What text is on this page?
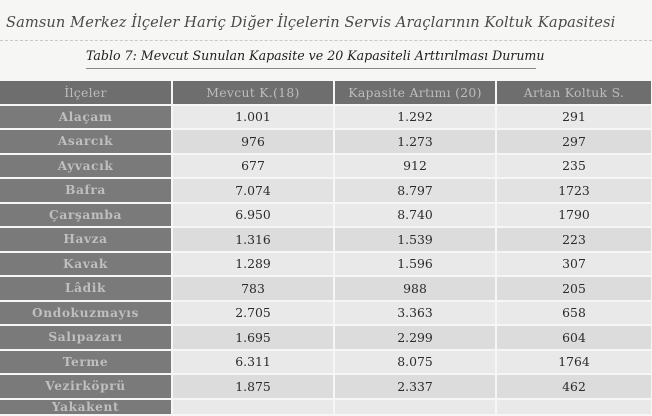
Samsun Merkez İlçeler Hariç Diğer İlçelerin Servis Araçlarının Koltuk Kapasitesi
Tablo 7: Mevcut Sunulan Kapasite ve 20 Kapasiteli Arttırılması Durumu
İlçeler	Mevcut K.(18)	Kapasite Artımı (20)	Artan Koltuk S.
Alaçam	1.001	1.292	291
Asarcık	976	1.273	297
Ayvacık	677	912	235
Bafra	7.074	8.797	1723
Çarşamba	6.950	8.740	1790
Havza	1.316	1.539	223
Kavak	1.289	1.596	307
Lâdik	783	988	205
Ondokuzmayıs	2.705	3.363	658
Salıpazarı	1.695	2.299	604
Terme	6.311	8.075	1764
Vezirköprü	1.875	2.337	462
Yakakent			
